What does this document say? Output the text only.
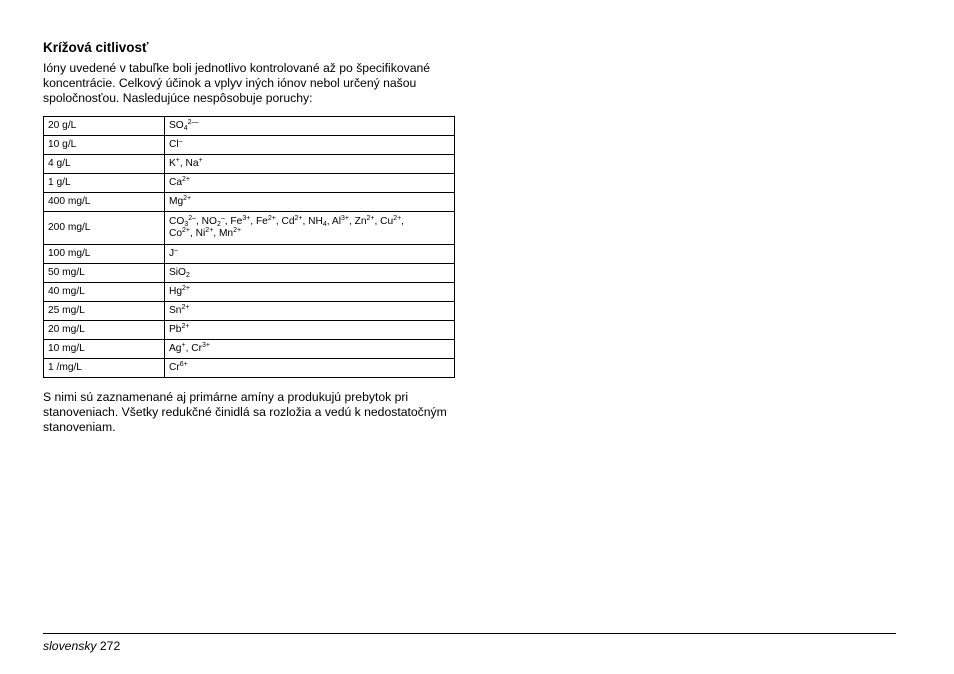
Krížová citlivosť

Ióny uvedené v tabuľke boli jednotlivo kontrolované až po špecifikované koncentrácie. Celkový účinok a vplyv iných iónov nebol určený našou spoločnosťou. Nasledujúce nespôsobuje poruchy:

20 g/L	$SO_4^{2—}$
10 g/L	Cl–
4 g/L	K+, Na+
1 g/L	$Ca^{2+}$
400 mg/L	$Mg^{2+}$
200 mg/L	$CO_3^{2-}$, $NO_2^-$, $Fe^{3+}$, $Fe^{2+}$, $Cd^{2+}$, $NH_4$, $Al^{3+}$, $Zn^{2+}$, $Cu^{2+}$,
$Co^{2+}$, $Ni^{2+}$, $Mn^{2+}$
100 mg/L	J–
50 mg/L	SiO$_2$
40 mg/L	$Hg^{2+}$
25 mg/L	$Sn^{2+}$
20 mg/L	$Pb^{2+}$
10 mg/L	Ag+, $Cr^{3+}$
1 /mg/L	$Cr^{6+}$

S nimi sú zaznamenané aj primárne amíny a produkujú prebytok pri stanoveniach. Všetky redukčné činidlá sa rozložia a vedú k nedostatočným stanoveniam.

slovensky 272
